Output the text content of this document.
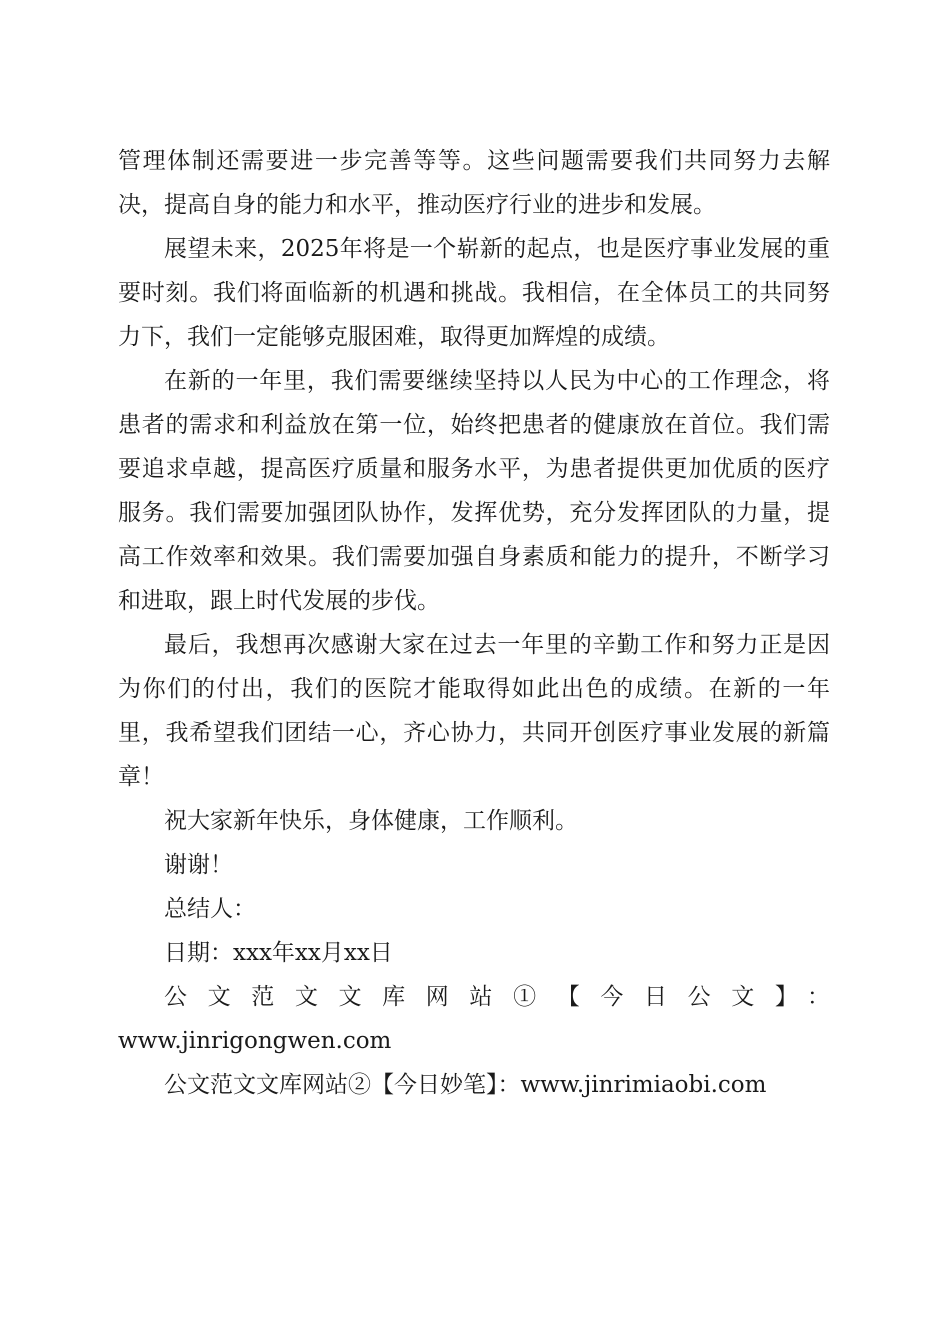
管理体制还需要进一步完善等等。这些问题需要我们共同努力去解决，提高自身的能力和水平，推动医疗行业的进步和发展。

展望未来，2025年将是一个崭新的起点，也是医疗事业发展的重要时刻。我们将面临新的机遇和挑战。我相信，在全体员工的共同努力下，我们一定能够克服困难，取得更加辉煌的成绩。

在新的一年里，我们需要继续坚持以人民为中心的工作理念，将患者的需求和利益放在第一位，始终把患者的健康放在首位。我们需要追求卓越，提高医疗质量和服务水平，为患者提供更加优质的医疗服务。我们需要加强团队协作，发挥优势，充分发挥团队的力量，提高工作效率和效果。我们需要加强自身素质和能力的提升，不断学习和进取，跟上时代发展的步伐。

最后，我想再次感谢大家在过去一年里的辛勤工作和努力正是因为你们的付出，我们的医院才能取得如此出色的成绩。在新的一年里，我希望我们团结一心，齐心协力，共同开创医疗事业发展的新篇章！

祝大家新年快乐，身体健康，工作顺利。

谢谢！

总结人：

日期：xxx年xx月xx日

公文范文文库网站①【今日公文】：

www.jinrigongwen.com

公文范文文库网站②【今日妙笔】：www.jinrimiaobi.com
